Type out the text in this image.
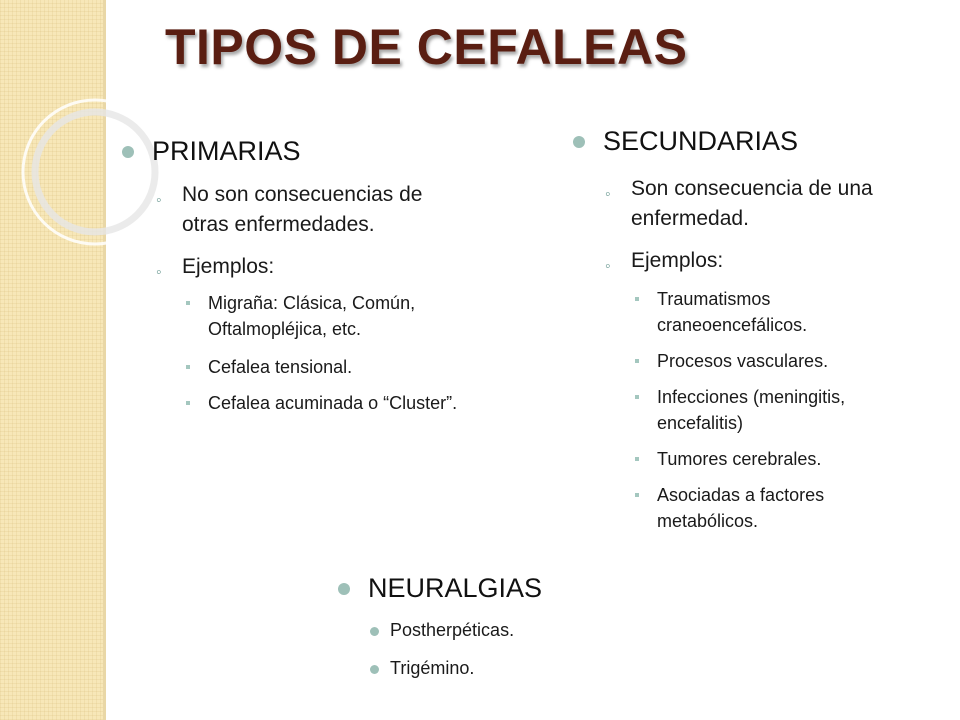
TIPOS DE CEFALEAS
PRIMARIAS
◦ No son consecuencias de otras enfermedades.
◦ Ejemplos:
Migraña: Clásica, Común, Oftalmopléjica, etc.
Cefalea tensional.
Cefalea acuminada o “Cluster”.
SECUNDARIAS
◦ Son consecuencia de una enfermedad.
◦ Ejemplos:
Traumatismos craneoencefálicos.
Procesos vasculares.
Infecciones (meningitis, encefalitis)
Tumores cerebrales.
Asociadas a factores metabólicos.
NEURALGIAS
Postherpéticas.
Trigémino.
